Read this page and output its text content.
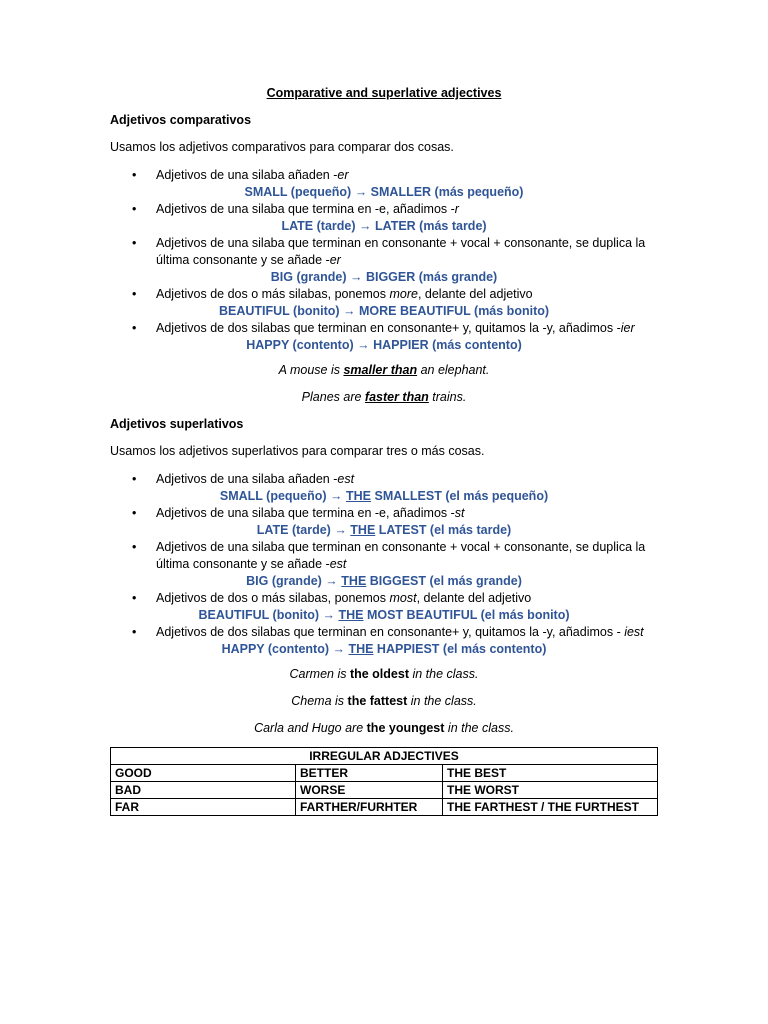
Comparative and superlative adjectives
Adjetivos comparativos
Usamos los adjetivos comparativos para comparar dos cosas.
• Adjetivos de una silaba añaden -er
SMALL (pequeño) → SMALLER (más pequeño)
• Adjetivos de una silaba que termina en -e, añadimos -r
LATE (tarde) → LATER (más tarde)
• Adjetivos de una silaba que terminan en consonante + vocal + consonante, se duplica la última consonante y se añade -er
BIG (grande) → BIGGER (más grande)
• Adjetivos de dos o más silabas, ponemos more, delante del adjetivo
BEAUTIFUL (bonito) → MORE BEAUTIFUL (más bonito)
• Adjetivos de dos silabas que terminan en consonante+ y, quitamos la -y, añadimos -ier
HAPPY (contento) → HAPPIER (más contento)
A mouse is smaller than an elephant.
Planes are faster than trains.
Adjetivos superlativos
Usamos los adjetivos superlativos para comparar tres o más cosas.
• Adjetivos de una silaba añaden -est
SMALL (pequeño) → THE SMALLEST (el más pequeño)
• Adjetivos de una silaba que termina en -e, añadimos -st
LATE (tarde) → THE LATEST (el más tarde)
• Adjetivos de una silaba que terminan en consonante + vocal + consonante, se duplica la última consonante y se añade -est
BIG (grande) → THE BIGGEST (el más grande)
• Adjetivos de dos o más silabas, ponemos most, delante del adjetivo
BEAUTIFUL (bonito) → THE MOST BEAUTIFUL (el más bonito)
• Adjetivos de dos silabas que terminan en consonante+ y, quitamos la -y, añadimos - iest
HAPPY (contento) → THE HAPPIEST (el más contento)
Carmen is the oldest in the class.
Chema is the fattest in the class.
Carla and Hugo are the youngest in the class.
IRREGULAR ADJECTIVES		
GOOD	BETTER	THE BEST
BAD	WORSE	THE WORST
FAR	FARTHER/FURHTER	THE FARTHEST / THE FURTHEST
